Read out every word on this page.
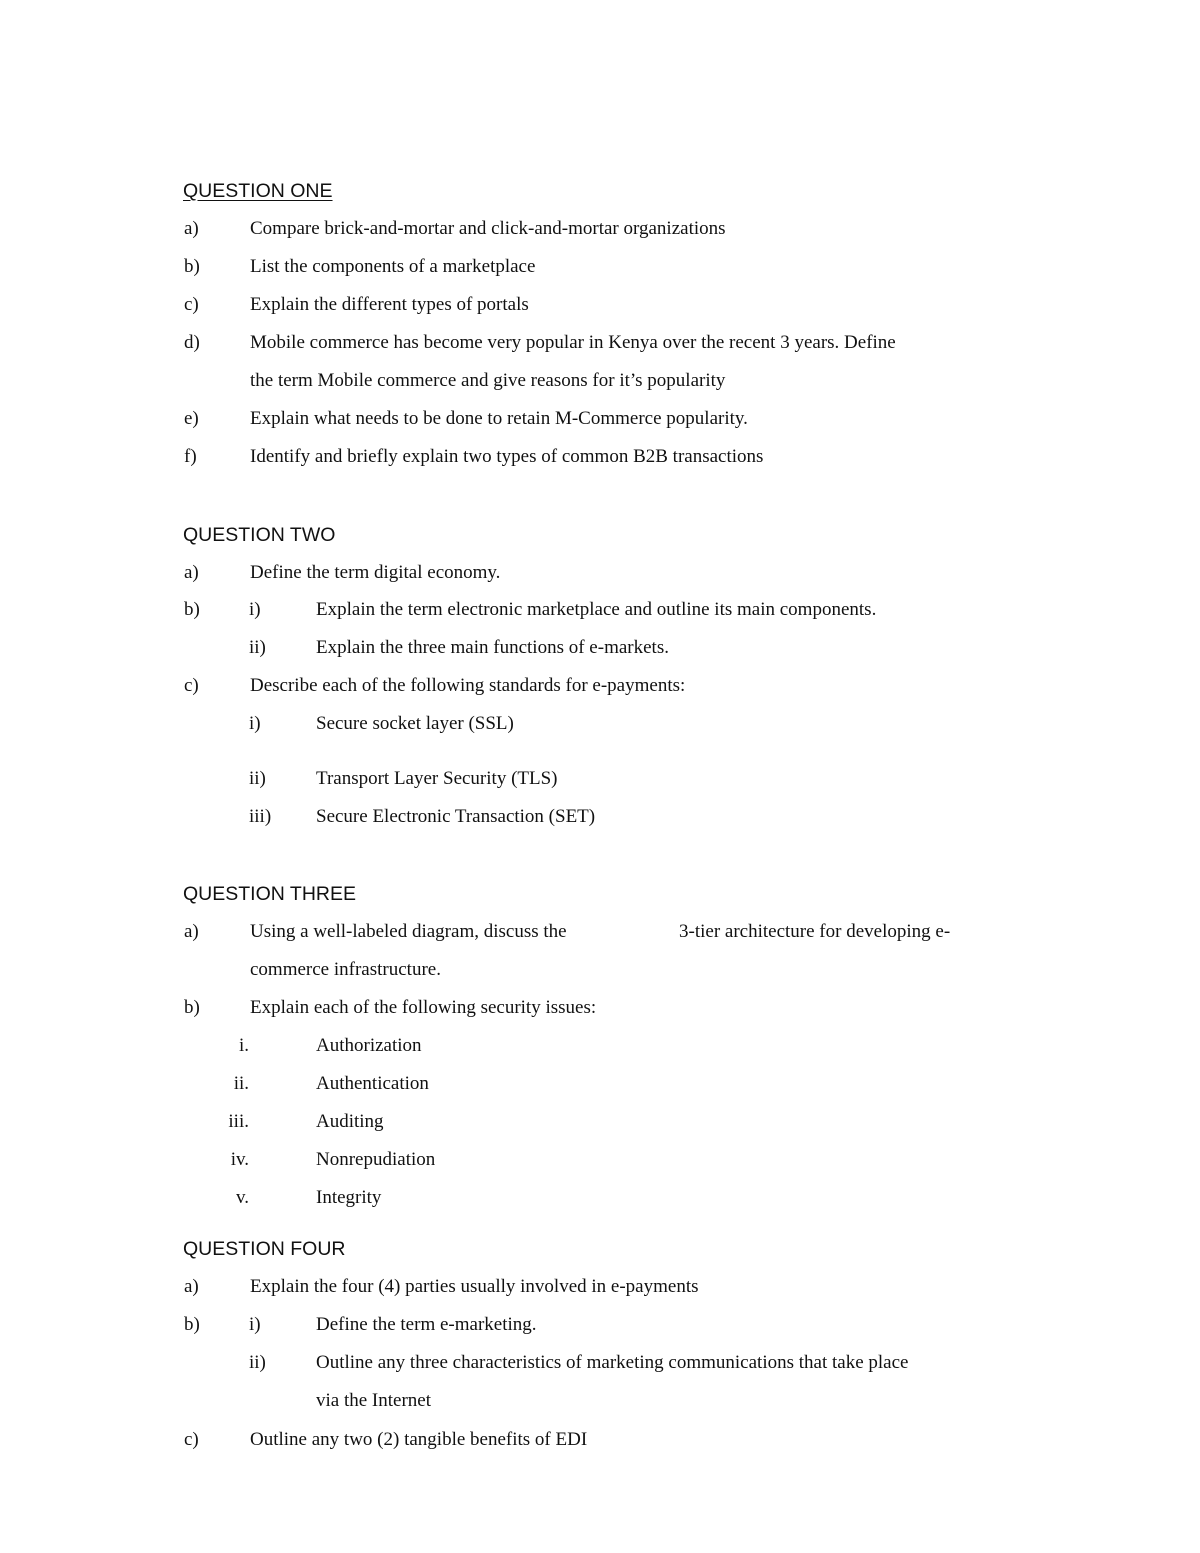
QUESTION ONE
a)	Compare brick-and-mortar and click-and-mortar organizations
b)	List the components of a marketplace
c)	Explain the different types of portals
d)	Mobile commerce has become very popular in Kenya over the recent 3 years. Define
the term Mobile commerce and give reasons for it’s popularity
e)	Explain what needs to be done to retain M-Commerce popularity.
f)	Identify and briefly explain two types of common B2B transactions
QUESTION TWO
a)	Define the term digital economy.
b)	i)	Explain the term electronic marketplace and outline its main components.
ii)	Explain the three main functions of e-markets.
c)	Describe each of the following standards for e-payments:
i)	Secure socket layer (SSL)
ii)	Transport Layer Security (TLS)
iii) Secure Electronic Transaction (SET)
QUESTION THREE
a)	Using a well-labeled diagram, discuss the	3-tier architecture for developing e-
commerce infrastructure.
b)	Explain each of the following security issues:
i.	Authorization
ii.	Authentication
iii.	Auditing
iv.	Nonrepudiation
v.	Integrity
QUESTION FOUR
a)	Explain the four (4) parties usually involved in e-payments
b)	i)	Define the term e-marketing.
ii)	Outline any three characteristics of marketing communications that take place
via the Internet
c)	Outline any two (2) tangible benefits of EDI
